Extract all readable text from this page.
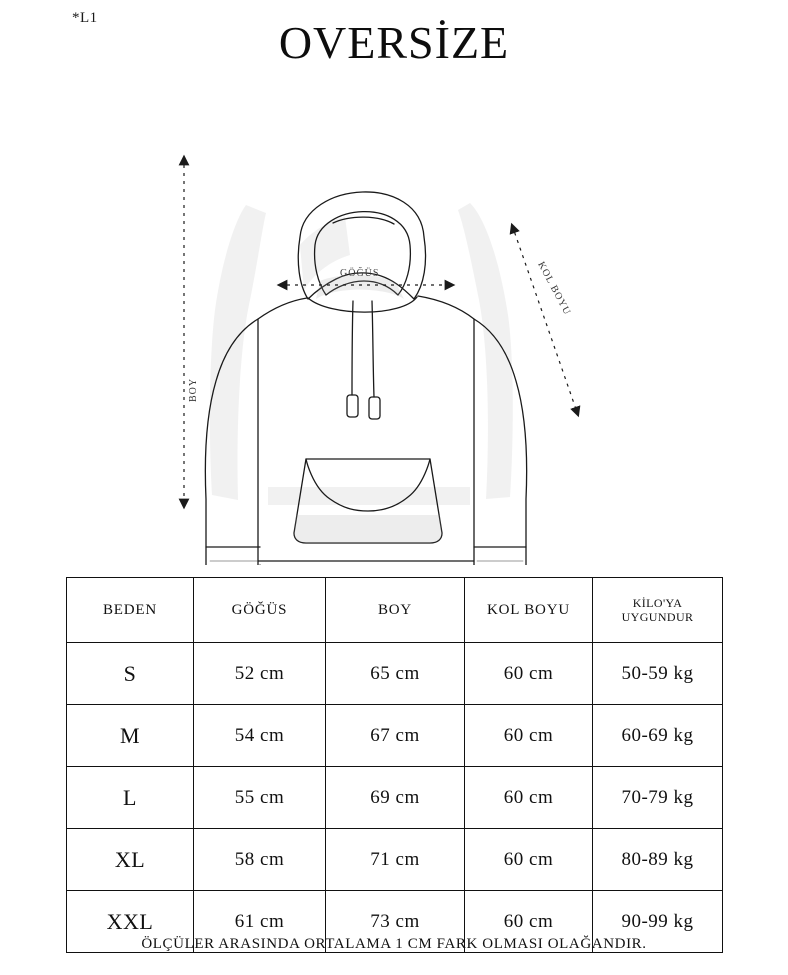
*L1	OVERSİZE
GÖĞÜS
BOY
KOL BOYU
BEDEN	GÖĞÜS	BOY	KOL BOYU	KİLO'YA
UYGUNDUR
S	52 cm	65 cm	60 cm	50-59 kg
M	54 cm	67 cm	60 cm	60-69 kg
L	55 cm	69 cm	60 cm	70-79 kg
XL	58 cm	71 cm	60 cm	80-89 kg
XXL	61 cm	73 cm	60 cm	90-99 kg
ÖLÇÜLER ARASINDA ORTALAMA 1 CM FARK OLMASI OLAĞANDIR.
